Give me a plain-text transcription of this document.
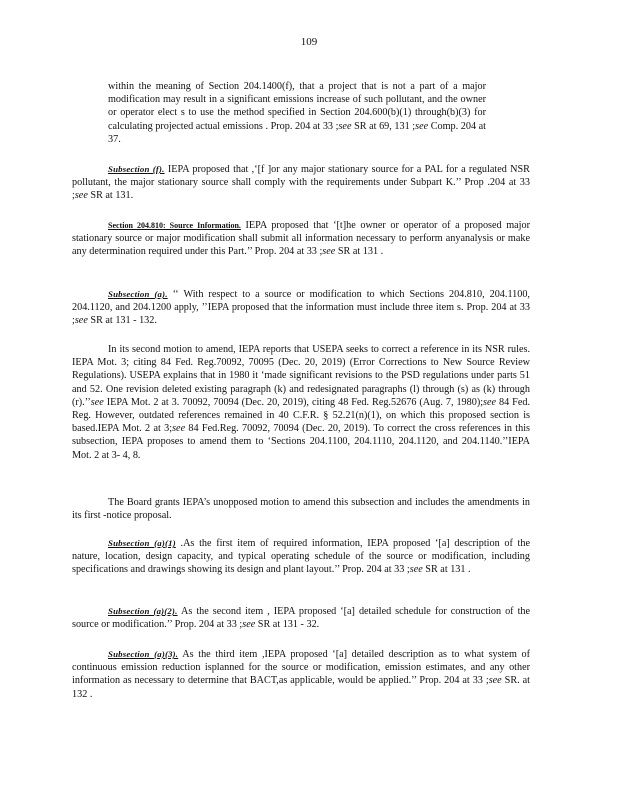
109

within the meaning of Section 204.1400(f), that a project that is not a part of a major modification may result in a significant emissions increase of such pollutant, and the owner or operator elect s to use the method specified in Section 204.600(b)(1) through(b)(3) for calculating projected actual emissions . Prop. 204 at 33 ;see SR at 69, 131 ;see Comp. 204 at 37.

Subsection (f). IEPA proposed that ,‘[f ]or any major stationary source for a PAL for a regulated NSR pollutant, the major stationary source shall comply with the requirements under Subpart K.’’ Prop .204 at 33 ;see SR at 131.

Section 204.810: Source Information. IEPA proposed that ‘[t]he owner or operator of a proposed major stationary source or major modification shall submit all information necessary to perform anyanalysis or make any determination required under this Part.’’ Prop. 204 at 33 ;see SR at 131 .

Subsection (a). ‘‘ With respect to a source or modification to which Sections 204.810, 204.1100, 204.1120, and 204.1200 apply, ’’IEPA proposed that the information must include three item s. Prop. 204 at 33 ;see SR at 131 - 132.

In its second motion to amend, IEPA reports that USEPA seeks to correct a reference in its NSR rules. IEPA Mot. 3; citing 84 Fed. Reg.70092, 70095 (Dec. 20, 2019) (Error Corrections to New Source Review Regulations). USEPA explains that in 1980 it ‘made significant revisions to the PSD regulations under parts 51 and 52. One revision deleted existing paragraph (k) and redesignated paragraphs (l) through (s) as (k) through (r).’’see IEPA Mot. 2 at 3. 70092, 70094 (Dec. 20, 2019), citing 48 Fed. Reg.52676 (Aug. 7, 1980);see 84 Fed. Reg. However, outdated references remained in 40 C.F.R. § 52.21(n)(1), on which this proposed section is based.IEPA Mot. 2 at 3;see 84 Fed.Reg. 70092, 70094 (Dec. 20, 2019). To correct the cross references in this subsection, IEPA proposes to amend them to ‘Sections 204.1100, 204.1110, 204.1120, and 204.1140.’’IEPA Mot. 2 at 3- 4, 8.

The Board grants IEPA’s unopposed motion to amend this subsection and includes the amendments in its first -notice proposal.

Subsection (a)(1) .As the first item of required information, IEPA proposed ‘[a] description of the nature, location, design capacity, and typical operating schedule of the source or modification, including specifications and drawings showing its design and plant layout.’’ Prop. 204 at 33 ;see SR at 131 .

Subsection (a)(2). As the second item , IEPA proposed ‘[a] detailed schedule for construction of the source or modification.’’ Prop. 204 at 33 ;see SR at 131 - 32.

Subsection (a)(3). As the third item ,IEPA proposed ‘[a] detailed description as to what system of continuous emission reduction isplanned for the source or modification, emission estimates, and any other information as necessary to determine that BACT,as applicable, would be applied.’’ Prop. 204 at 33 ;see SR. at 132 .
